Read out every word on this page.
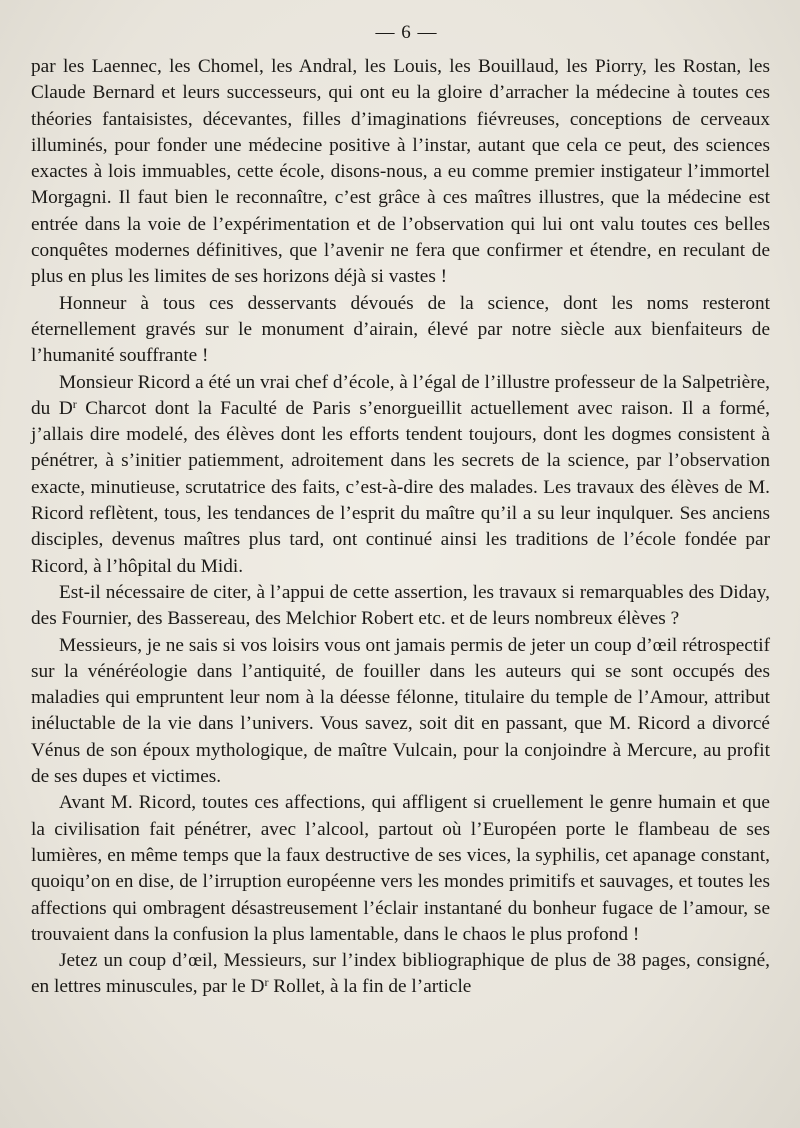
— 6 —

par les Laennec, les Chomel, les Andral, les Louis, les Bouillaud, les Piorry, les Rostan, les Claude Bernard et leurs successeurs, qui ont eu la gloire d’arracher la médecine à toutes ces théories fantaisistes, décevantes, filles d’imaginations fiévreuses, conceptions de cerveaux illuminés, pour fonder une médecine positive à l’instar, autant que cela ce peut, des sciences exactes à lois immuables, cette école, disons-nous, a eu comme premier instigateur l’immortel Morgagni. Il faut bien le reconnaître, c’est grâce à ces maîtres illustres, que la médecine est entrée dans la voie de l’expérimentation et de l’observation qui lui ont valu toutes ces belles conquêtes modernes définitives, que l’avenir ne fera que confirmer et étendre, en reculant de plus en plus les limites de ses horizons déjà si vastes !

Honneur à tous ces desservants dévoués de la science, dont les noms resteront éternellement gravés sur le monument d’airain, élevé par notre siècle aux bienfaiteurs de l’humanité souffrante !

Monsieur Ricord a été un vrai chef d’école, à l’égal de l’illustre professeur de la Salpetrière, du $D^r$ Charcot dont la Faculté de Paris s’enorgueillit actuellement avec raison. Il a formé, j’allais dire modelé, des élèves dont les efforts tendent toujours, dont les dogmes consistent à pénétrer, à s’initier patiemment, adroitement dans les secrets de la science, par l’observation exacte, minutieuse, scrutatrice des faits, c’est-à-dire des malades. Les travaux des élèves de M. Ricord reflètent, tous, les tendances de l’esprit du maître qu’il a su leur inqulquer. Ses anciens disciples, devenus maîtres plus tard, ont continué ainsi les traditions de l’école fondée par Ricord, à l’hôpital du Midi.

Est-il nécessaire de citer, à l’appui de cette assertion, les travaux si remarquables des Diday, des Fournier, des Bassereau, des Melchior Robert etc. et de leurs nombreux élèves ?

Messieurs, je ne sais si vos loisirs vous ont jamais permis de jeter un coup d’œil rétrospectif sur la vénéréologie dans l’antiquité, de fouiller dans les auteurs qui se sont occupés des maladies qui empruntent leur nom à la déesse félonne, titulaire du temple de l’Amour, attribut inéluctable de la vie dans l’univers. Vous savez, soit dit en passant, que M. Ricord a divorcé Vénus de son époux mythologique, de maître Vulcain, pour la conjoindre à Mercure, au profit de ses dupes et victimes.

Avant M. Ricord, toutes ces affections, qui affligent si cruellement le genre humain et que la civilisation fait pénétrer, avec l’alcool, partout où l’Européen porte le flambeau de ses lumières, en même temps que la faux destructive de ses vices, la syphilis, cet apanage constant, quoiqu’on en dise, de l’irruption européenne vers les mondes primitifs et sauvages, et toutes les affections qui ombragent désastreusement l’éclair instantané du bonheur fugace de l’amour, se trouvaient dans la confusion la plus lamentable, dans le chaos le plus profond !

Jetez un coup d’œil, Messieurs, sur l’index bibliographique de plus de 38 pages, consigné, en lettres minuscules, par le $D^r$ Rollet, à la fin de l’article
